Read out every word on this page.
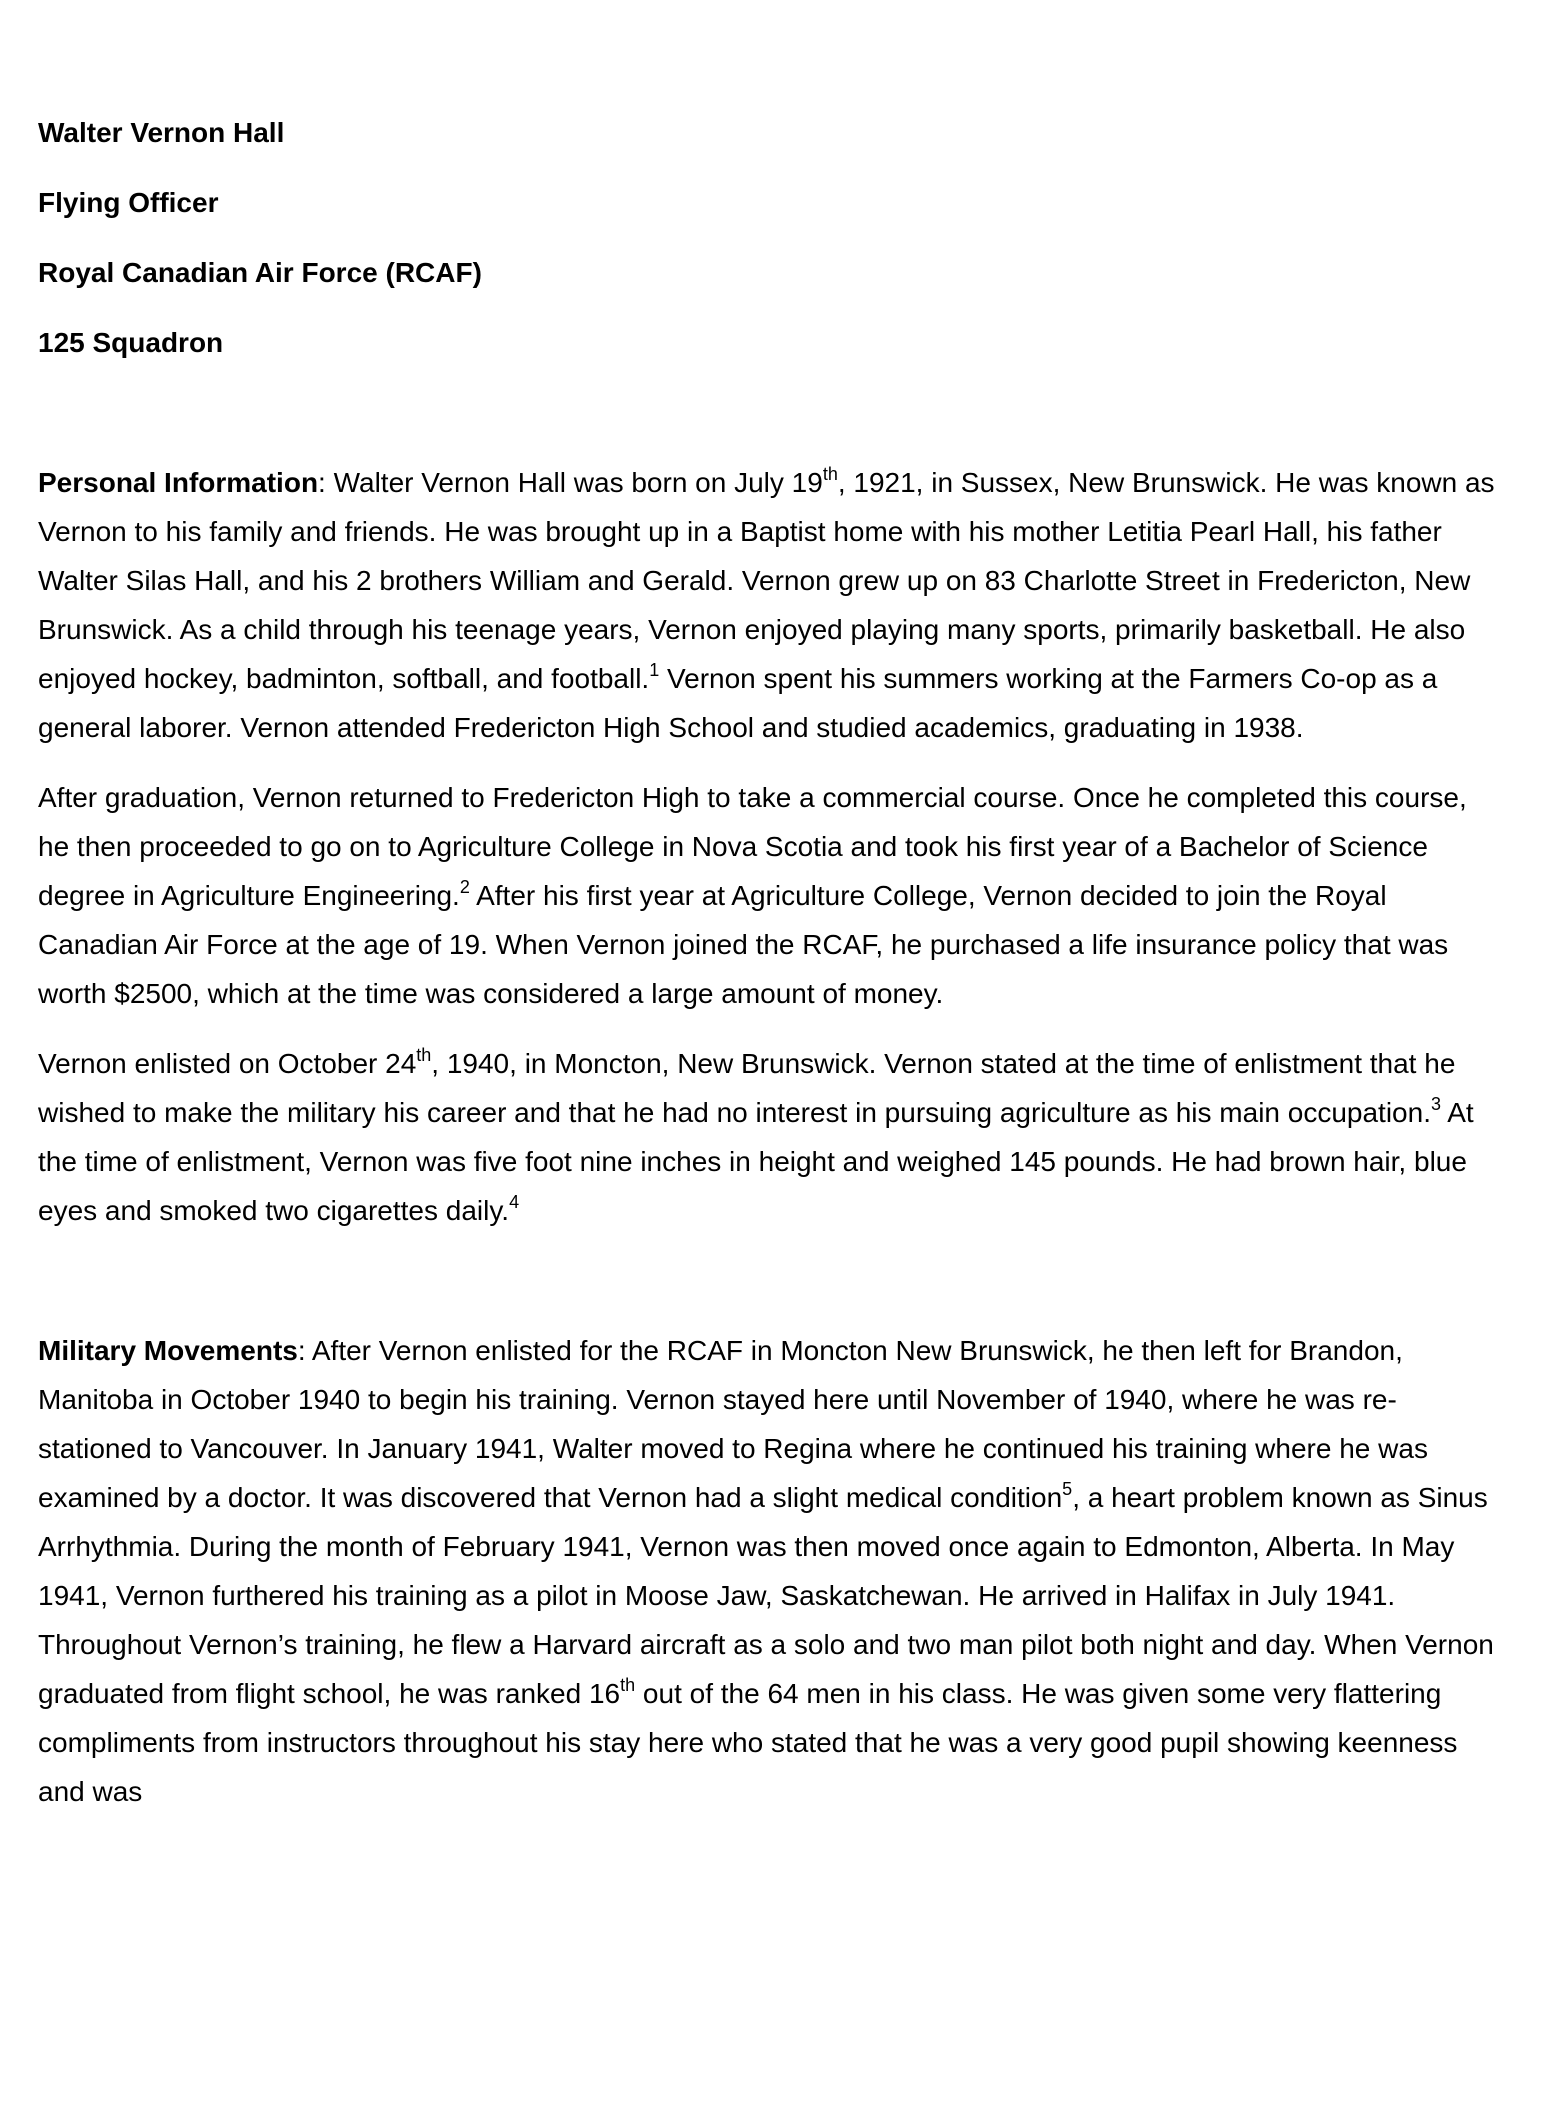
Walter Vernon Hall

Flying Officer

Royal Canadian Air Force (RCAF)

125 Squadron

Personal Information: Walter Vernon Hall was born on July 19th, 1921, in Sussex, New Brunswick. He was known as Vernon to his family and friends. He was brought up in a Baptist home with his mother Letitia Pearl Hall, his father Walter Silas Hall, and his 2 brothers William and Gerald. Vernon grew up on 83 Charlotte Street in Fredericton, New Brunswick. As a child through his teenage years, Vernon enjoyed playing many sports, primarily basketball. He also enjoyed hockey, badminton, softball, and football.$^1$ Vernon spent his summers working at the Farmers Co-op as a general laborer. Vernon attended Fredericton High School and studied academics, graduating in 1938.

After graduation, Vernon returned to Fredericton High to take a commercial course. Once he completed this course, he then proceeded to go on to Agriculture College in Nova Scotia and took his first year of a Bachelor of Science degree in Agriculture Engineering.$^2$ After his first year at Agriculture College, Vernon decided to join the Royal Canadian Air Force at the age of 19. When Vernon joined the RCAF, he purchased a life insurance policy that was worth $2500, which at the time was considered a large amount of money.

Vernon enlisted on October 24th, 1940, in Moncton, New Brunswick. Vernon stated at the time of enlistment that he wished to make the military his career and that he had no interest in pursuing agriculture as his main occupation.$^3$ At the time of enlistment, Vernon was five foot nine inches in height and weighed 145 pounds. He had brown hair, blue eyes and smoked two cigarettes daily.$^4$

Military Movements: After Vernon enlisted for the RCAF in Moncton New Brunswick, he then left for Brandon, Manitoba in October 1940 to begin his training. Vernon stayed here until November of 1940, where he was re-stationed to Vancouver. In January 1941, Walter moved to Regina where he continued his training where he was examined by a doctor. It was discovered that Vernon had a slight medical condition$^5$, a heart problem known as Sinus Arrhythmia. During the month of February 1941, Vernon was then moved once again to Edmonton, Alberta. In May 1941, Vernon furthered his training as a pilot in Moose Jaw, Saskatchewan. He arrived in Halifax in July 1941. Throughout Vernon’s training, he flew a Harvard aircraft as a solo and two man pilot both night and day. When Vernon graduated from flight school, he was ranked 16th out of the 64 men in his class. He was given some very flattering compliments from instructors throughout his stay here who stated that he was a very good pupil showing keenness and was
